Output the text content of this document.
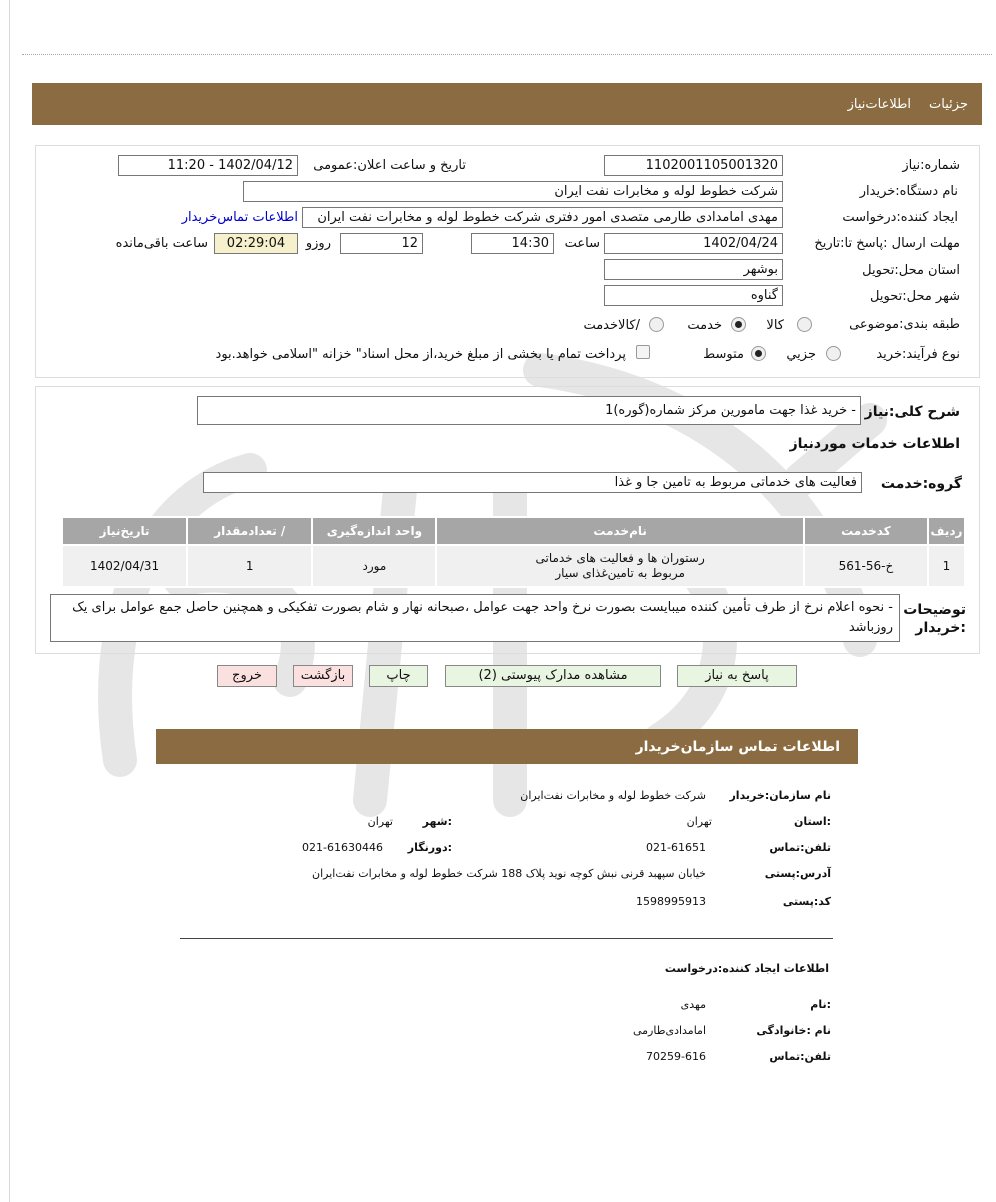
جزئیات
اطلاعات‌نیاز
شماره:نیاز
1102001105001320
تاریخ و ساعت اعلان:عمومی
1402/04/12 - 11:20
نام دستگاه:خریدار
شرکت خطوط لوله و مخابرات نفت ایران
ایجاد کننده:درخواست
مهدی امامدادی طارمی متصدی امور دفتری شرکت خطوط لوله و مخابرات نفت ایران
اطلاعات تماس‌خریدار
مهلت ارسال :پاسخ تا:تاریخ
1402/04/24
ساعت
14:30
12
روزو
02:29:04
ساعت باقی‌مانده
استان محل:تحویل
بوشهر
شهر محل:تحویل
گناوه
طبقه بندی:موضوعی
کالا
خدمت
/کالاخدمت
نوع فرآیند:
خرید
جزیي
متوسط
پرداخت تمام یا بخشی از مبلغ خرید،از محل اسناد" خزانه "اسلامی خواهد.بود
شرح کلی:نیاز
- خرید غذا جهت مامورین مرکز شماره(گوره)1
اطلاعات خدمات موردنیاز
گروه:خدمت
فعالیت های خدماتی مربوط به تامین جا و غذا
ردیف	کدخدمت	نام‌خدمت	واحد اندازه‌گیری	/ تعدادمقدار	تاریخ‌نیاز
1	خ-56-561	رستوران ها و فعالیت های خدماتی مربوط به تامین‌غذای سیار	مورد	1	1402/04/31
توضیحات :خریدار
- نحوه اعلام نرخ از طرف تأمین کننده میبایست بصورت نرخ واحد جهت عوامل ،صبحانه نهار و شام بصورت تفکیکی و همچنین حاصل جمع عوامل برای یک روزباشد
پاسخ به نیاز
مشاهده مدارک پیوستی (2)
چاپ
بازگشت
خروج
اطلاعات تماس سازمان‌خریدار
نام سازمان:خریدار
شرکت خطوط لوله و مخابرات نفت‌ایران
:استان
تهران
:شهر
تهران
تلفن:تماس
021-61651
:دورنگار
021-61630446
آدرس:پستی
خیابان سپهبد قرنی نبش کوچه نوید پلاک 188 شرکت خطوط لوله و مخابرات نفت‌ایران
کد:پستی
1598995913
اطلاعات ایجاد کننده:درخواست
:نام
مهدی
نام :خانوادگی
امامدادی‌طارمی
تلفن:تماس
70259-616
